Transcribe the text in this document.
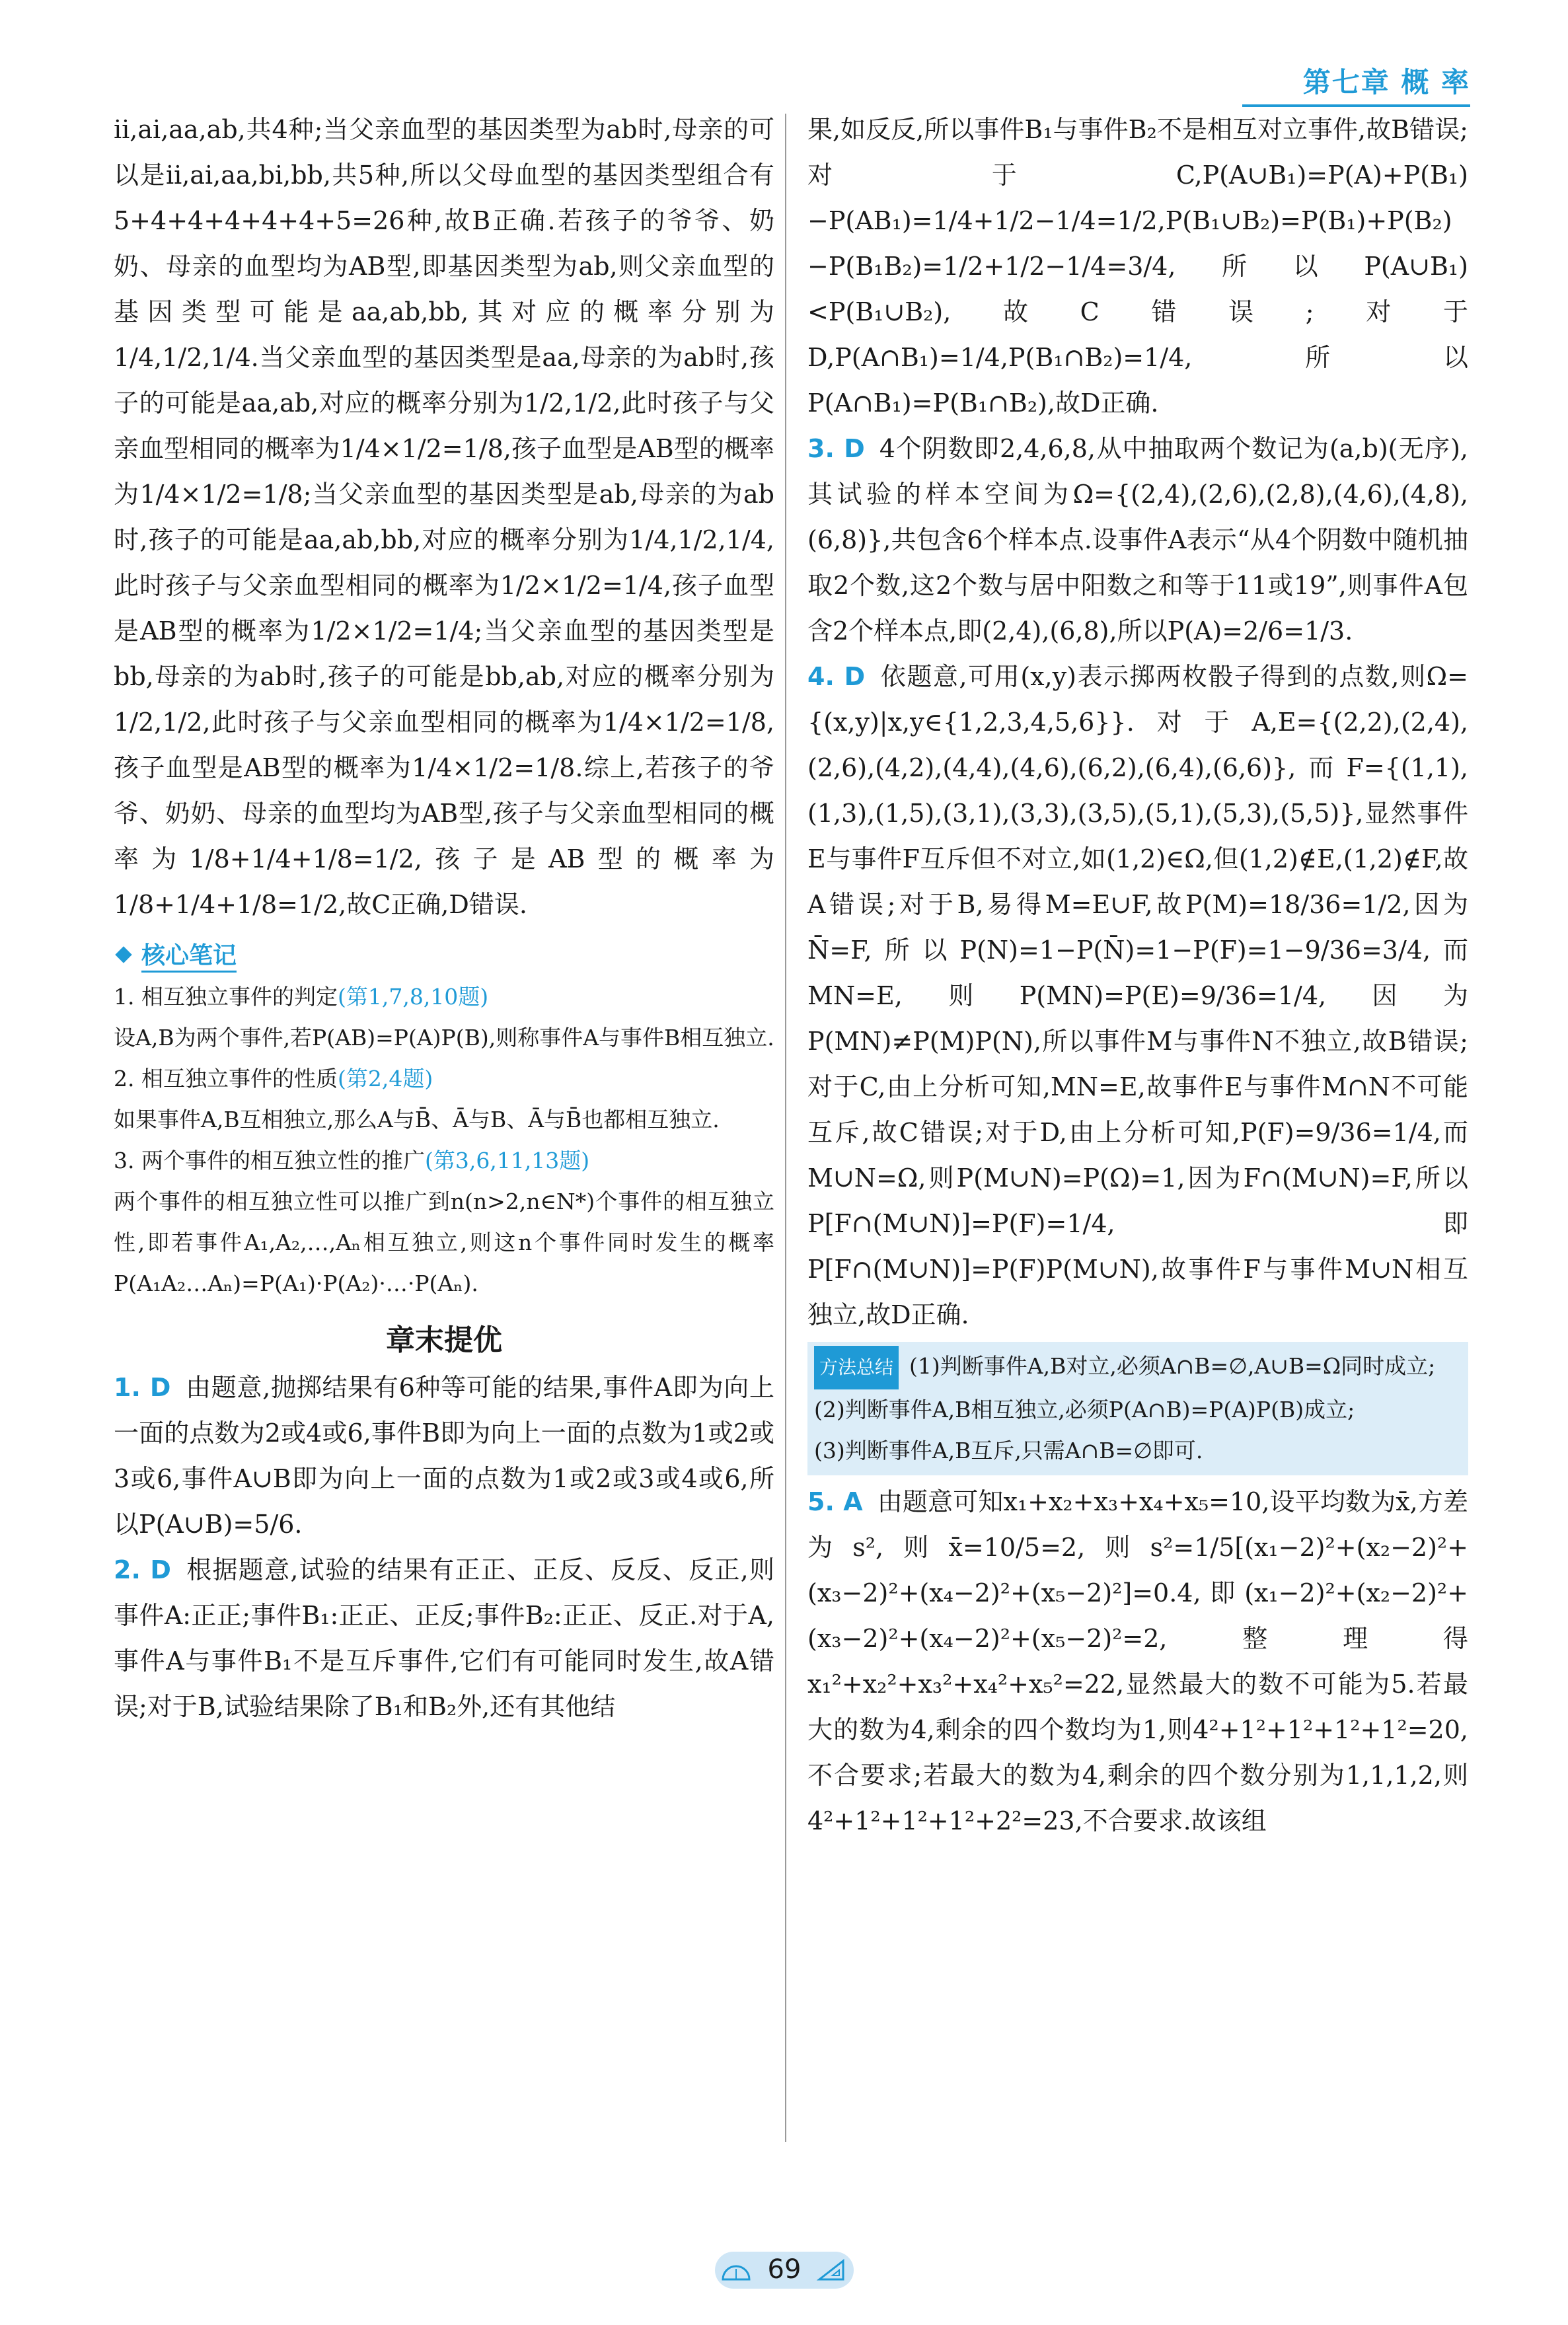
第七章 概 率

ii,ai,aa,ab,共4种;当父亲血型的基因类型为ab时,母亲的可以是ii,ai,aa,bi,bb,共5种,所以父母血型的基因类型组合有5+4+4+4+4+4+5=26种,故B正确.若孩子的爷爷、奶奶、母亲的血型均为AB型,即基因类型为ab,则父亲血型的基因类型可能是aa,ab,bb,其对应的概率分别为1/4,1/2,1/4.当父亲血型的基因类型是aa,母亲的为ab时,孩子的可能是aa,ab,对应的概率分别为1/2,1/2,此时孩子与父亲血型相同的概率为1/4×1/2=1/8,孩子血型是AB型的概率为1/4×1/2=1/8;当父亲血型的基因类型是ab,母亲的为ab时,孩子的可能是aa,ab,bb,对应的概率分别为1/4,1/2,1/4,此时孩子与父亲血型相同的概率为1/2×1/2=1/4,孩子血型是AB型的概率为1/2×1/2=1/4;当父亲血型的基因类型是bb,母亲的为ab时,孩子的可能是bb,ab,对应的概率分别为1/2,1/2,此时孩子与父亲血型相同的概率为1/4×1/2=1/8,孩子血型是AB型的概率为1/4×1/2=1/8.综上,若孩子的爷爷、奶奶、母亲的血型均为AB型,孩子与父亲血型相同的概率为1/8+1/4+1/8=1/2,孩子是AB型的概率为1/8+1/4+1/8=1/2,故C正确,D错误.

核心笔记

1. 相互独立事件的判定(第1,7,8,10题)

设A,B为两个事件,若P(AB)=P(A)P(B),则称事件A与事件B相互独立.

2. 相互独立事件的性质(第2,4题)

如果事件A,B互相独立,那么A与B̄、Ā与B、Ā与B̄也都相互独立.

3. 两个事件的相互独立性的推广(第3,6,11,13题)

两个事件的相互独立性可以推广到n(n>2,n∈N*)个事件的相互独立性,即若事件A₁,A₂,…,Aₙ相互独立,则这n个事件同时发生的概率P(A₁A₂…Aₙ)=P(A₁)·P(A₂)·…·P(Aₙ).

章末提优

1. D 由题意,抛掷结果有6种等可能的结果,事件A即为向上一面的点数为2或4或6,事件B即为向上一面的点数为1或2或3或6,事件A∪B即为向上一面的点数为1或2或3或4或6,所以P(A∪B)=5/6.

2. D 根据题意,试验的结果有正正、正反、反反、反正,则事件A:正正;事件B₁:正正、正反;事件B₂:正正、反正.对于A,事件A与事件B₁不是互斥事件,它们有可能同时发生,故A错误;对于B,试验结果除了B₁和B₂外,还有其他结

果,如反反,所以事件B₁与事件B₂不是相互对立事件,故B错误;对于C,P(A∪B₁)=P(A)+P(B₁)−P(AB₁)=1/4+1/2−1/4=1/2,P(B₁∪B₂)=P(B₁)+P(B₂)−P(B₁B₂)=1/2+1/2−1/4=3/4,所以P(A∪B₁)<P(B₁∪B₂),故C错误;对于D,P(A∩B₁)=1/4,P(B₁∩B₂)=1/4,所以P(A∩B₁)=P(B₁∩B₂),故D正确.

3. D 4个阴数即2,4,6,8,从中抽取两个数记为(a,b)(无序),其试验的样本空间为Ω={(2,4),(2,6),(2,8),(4,6),(4,8),(6,8)},共包含6个样本点.设事件A表示“从4个阴数中随机抽取2个数,这2个数与居中阳数之和等于11或19”,则事件A包含2个样本点,即(2,4),(6,8),所以P(A)=2/6=1/3.

4. D 依题意,可用(x,y)表示掷两枚骰子得到的点数,则Ω={(x,y)|x,y∈{1,2,3,4,5,6}}.对于A,E={(2,2),(2,4),(2,6),(4,2),(4,4),(4,6),(6,2),(6,4),(6,6)},而F={(1,1),(1,3),(1,5),(3,1),(3,3),(3,5),(5,1),(5,3),(5,5)},显然事件E与事件F互斥但不对立,如(1,2)∈Ω,但(1,2)∉E,(1,2)∉F,故A错误;对于B,易得M=E∪F,故P(M)=18/36=1/2,因为N̄=F,所以P(N)=1−P(N̄)=1−P(F)=1−9/36=3/4,而MN=E,则P(MN)=P(E)=9/36=1/4,因为P(MN)≠P(M)P(N),所以事件M与事件N不独立,故B错误;对于C,由上分析可知,MN=E,故事件E与事件M∩N不可能互斥,故C错误;对于D,由上分析可知,P(F)=9/36=1/4,而M∪N=Ω,则P(M∪N)=P(Ω)=1,因为F∩(M∪N)=F,所以P[F∩(M∪N)]=P(F)=1/4,即P[F∩(M∪N)]=P(F)P(M∪N),故事件F与事件M∪N相互独立,故D正确.

方法总结 (1)判断事件A,B对立,必须A∩B=∅,A∪B=Ω同时成立;

(2)判断事件A,B相互独立,必须P(A∩B)=P(A)P(B)成立;

(3)判断事件A,B互斥,只需A∩B=∅即可.

5. A 由题意可知x₁+x₂+x₃+x₄+x₅=10,设平均数为x̄,方差为s²,则x̄=10/5=2,则s²=1/5[(x₁−2)²+(x₂−2)²+(x₃−2)²+(x₄−2)²+(x₅−2)²]=0.4,即(x₁−2)²+(x₂−2)²+(x₃−2)²+(x₄−2)²+(x₅−2)²=2,整理得x₁²+x₂²+x₃²+x₄²+x₅²=22,显然最大的数不可能为5.若最大的数为4,剩余的四个数均为1,则4²+1²+1²+1²+1²=20,不合要求;若最大的数为4,剩余的四个数分别为1,1,1,2,则4²+1²+1²+1²+2²=23,不合要求.故该组

69
